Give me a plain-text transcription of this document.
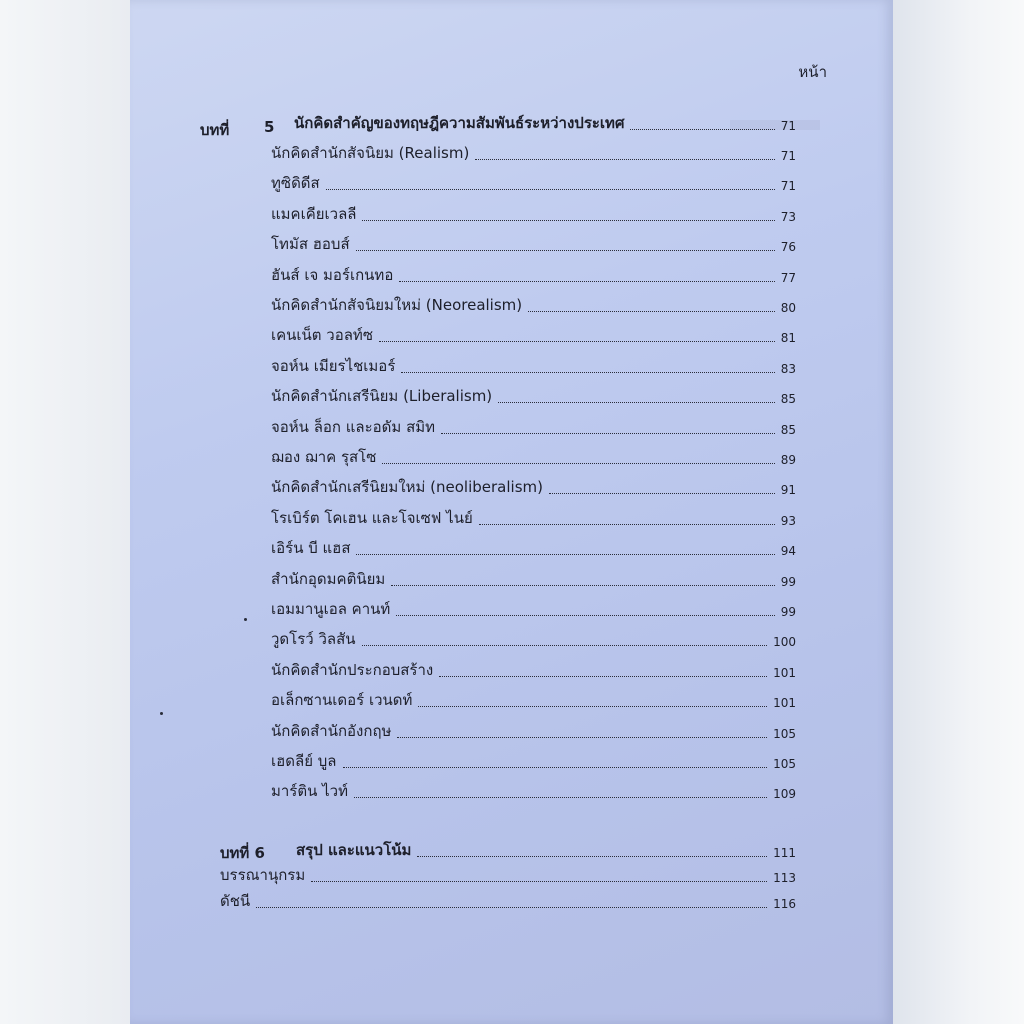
หน้า
บทที่ 5 นักคิดสำคัญของทฤษฎีความสัมพันธ์ระหว่างประเทศ	71
นักคิดสำนักสัจนิยม (Realism)	71
ทูซิดิดีส	71
แมคเคียเวลลี	73
โทมัส ฮอบส์	76
ฮันส์ เจ มอร์เกนทอ	77
นักคิดสำนักสัจนิยมใหม่ (Neorealism)	80
เคนเน็ต วอลท์ซ	81
จอห์น เมียรไชเมอร์	83
นักคิดสำนักเสรีนิยม (Liberalism)	85
จอห์น ล็อก และอดัม สมิท	85
ฌอง ฌาค รุสโซ	89
นักคิดสำนักเสรีนิยมใหม่ (neoliberalism)	91
โรเบิร์ต โคเฮน และโจเซฟ ไนย์	93
เอิร์น บี แฮส	94
สำนักอุดมคตินิยม	99
เอมมานูเอล คานท์	99
วูดโรว์ วิลสัน	100
นักคิดสำนักประกอบสร้าง	101
อเล็กซานเดอร์ เวนดท์	101
นักคิดสำนักอังกฤษ	105
เฮดลีย์ บูล	105
มาร์ติน ไวท์	109
บทที่ 6 สรุป และแนวโน้ม	111
บรรณานุกรม	113
ดัชนี	116
